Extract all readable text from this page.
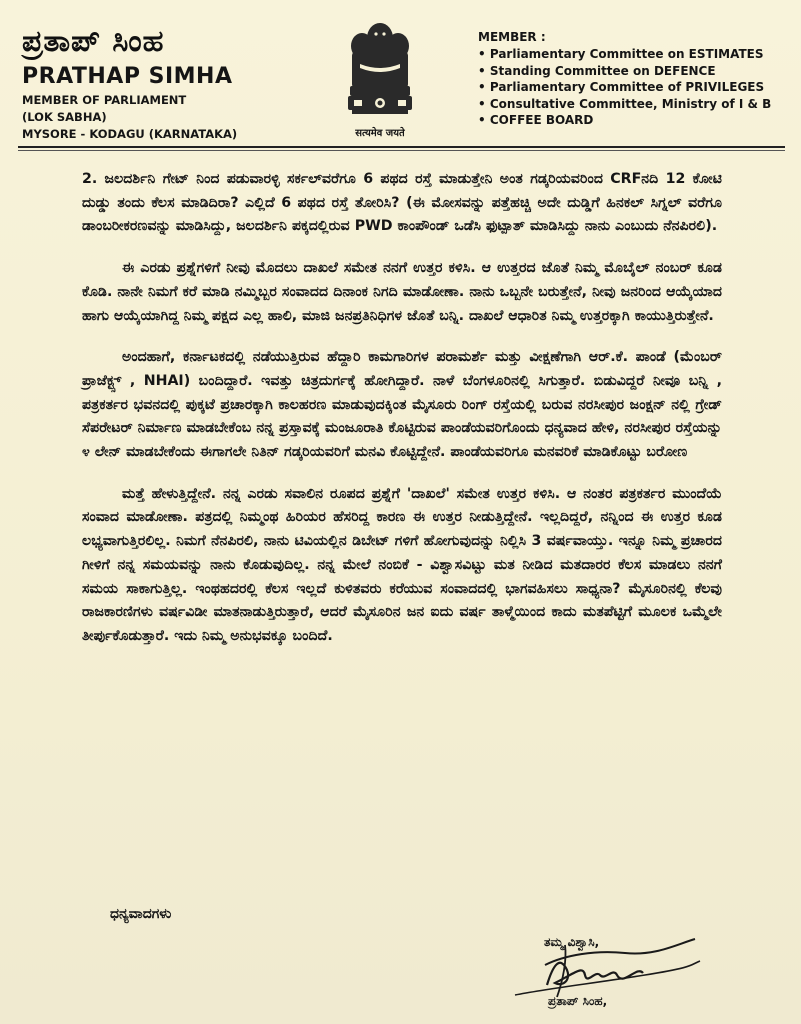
ಪ್ರತಾಪ್ ಸಿಂಹ
PRATHAP SIMHA
MEMBER OF PARLIAMENT
(LOK SABHA)
MYSORE - KODAGU (KARNATAKA)	सत्यमेव जयते
MEMBER :
• Parliamentary Committee on ESTIMATES
• Standing Committee on DEFENCE
• Parliamentary Committee of PRIVILEGES
• Consultative Committee, Ministry of I & B
• COFFEE BOARD

2. ಜಲದರ್ಶಿನಿ ಗೇಟ್ ನಿಂದ ಪಡುವಾರಳ್ಳಿ ಸರ್ಕಲ್‌ವರೆಗೂ 6 ಪಥದ ರಸ್ತೆ ಮಾಡುತ್ತೇನಿ ಅಂತ ಗಡ್ಕರಿಯವರಿಂದ CRFನದಿ 12 ಕೋಟಿ ದುಡ್ಡು ತಂದು ಕೆಲಸ ಮಾಡಿದಿರಾ? ಎಲ್ಲಿದೆ 6 ಪಥದ ರಸ್ತೆ ತೋರಿಸಿ? (ಈ ಮೋಸವನ್ನು ಪತ್ತೆಹಚ್ಚಿ ಅದೇ ದುಡ್ಡಿಗೆ ಹಿನಕಲ್ ಸಿಗ್ನಲ್ ವರೆಗೂ ಡಾಂಬರೀಕರಣವನ್ನು ಮಾಡಿಸಿದ್ದು, ಜಲದರ್ಶಿನಿ ಪಕ್ಕದಲ್ಲಿರುವ PWD ಕಾಂಪೌಂಡ್ ಒಡೆಸಿ ಫುಟ್ಪಾತ್ ಮಾಡಿಸಿದ್ದು ನಾನು ಎಂಬುದು ನೆನಪಿರಲಿ).

ಈ ಎರಡು ಪ್ರಶ್ನೆಗಳಿಗೆ ನೀವು ಮೊದಲು ದಾಖಲೆ ಸಮೇತ ನನಗೆ ಉತ್ತರ ಕಳಿಸಿ. ಆ ಉತ್ತರದ ಜೊತೆ ನಿಮ್ಮ ಮೊಬೈಲ್ ನಂಬರ್ ಕೂಡ ಕೊಡಿ. ನಾನೇ ನಿಮಗೆ ಕರೆ ಮಾಡಿ ನಮ್ಮಿಬ್ಬರ ಸಂವಾದದ ದಿನಾಂಕ ನಿಗದಿ ಮಾಡೋಣಾ. ನಾನು ಒಬ್ಬನೇ ಬರುತ್ತೇನೆ, ನೀವು ಜನರಿಂದ ಆಯ್ಕೆಯಾದ ಹಾಗು ಆಯ್ಕೆಯಾಗಿದ್ದ ನಿಮ್ಮ ಪಕ್ಷದ ಎಲ್ಲ ಹಾಲಿ, ಮಾಜಿ ಜನಪ್ರತಿನಿಧಿಗಳ ಜೊತೆ ಬನ್ನಿ. ದಾಖಲೆ ಆಧಾರಿತ ನಿಮ್ಮ ಉತ್ತರಕ್ಕಾಗಿ ಕಾಯುತ್ತಿರುತ್ತೇನೆ.

ಅಂದಹಾಗೆ, ಕರ್ನಾಟಕದಲ್ಲಿ ನಡೆಯುತ್ತಿರುವ ಹೆದ್ದಾರಿ ಕಾಮಗಾರಿಗಳ ಪರಾಮರ್ಶೆ ಮತ್ತು ವೀಕ್ಷಣೆಗಾಗಿ ಆರ್.ಕೆ. ಪಾಂಡೆ (ಮೆಂಬರ್ ಪ್ರಾಜೆಕ್ಟ್ಸ್ , NHAI) ಬಂದಿದ್ದಾರೆ. ಇವತ್ತು ಚಿತ್ರದುರ್ಗಕ್ಕೆ ಹೋಗಿದ್ದಾರೆ. ನಾಳೆ ಬೆಂಗಳೂರಿನಲ್ಲಿ ಸಿಗುತ್ತಾರೆ. ಬಿಡುವಿದ್ದರೆ ನೀವೂ ಬನ್ನಿ , ಪತ್ರಕರ್ತರ ಭವನದಲ್ಲಿ ಪುಕ್ಕಟೆ ಪ್ರಚಾರಕ್ಕಾಗಿ ಕಾಲಹರಣ ಮಾಡುವುದಕ್ಕಿಂತ ಮೈಸೂರು ರಿಂಗ್ ರಸ್ತೆಯಲ್ಲಿ ಬರುವ ನರಸೀಪುರ ಜಂಕ್ಷನ್ ನಲ್ಲಿ ಗ್ರೇಡ್ ಸೆಪರೇಟರ್ ನಿರ್ಮಾಣ ಮಾಡಬೇಕೆಂಬ ನನ್ನ ಪ್ರಸ್ತಾವಕ್ಕೆ ಮಂಜೂರಾತಿ ಕೊಟ್ಟಿರುವ ಪಾಂಡೆಯವರಿಗೊಂದು ಧನ್ಯವಾದ ಹೇಳಿ, ನರಸೀಪುರ ರಸ್ತೆಯನ್ನು ೪ ಲೇನ್ ಮಾಡಬೇಕೆಂದು ಈಗಾಗಲೇ ನಿತಿನ್ ಗಡ್ಕರಿಯವರಿಗೆ ಮನವಿ ಕೊಟ್ಟಿದ್ದೇನೆ. ಪಾಂಡೆಯವರಿಗೂ ಮನವರಿಕೆ ಮಾಡಿಕೊಟ್ಟು ಬರೋಣ

ಮತ್ತೆ ಹೇಳುತ್ತಿದ್ದೇನೆ. ನನ್ನ ಎರಡು ಸವಾಲಿನ ರೂಪದ ಪ್ರಶ್ನೆಗೆ 'ದಾಖಲೆ' ಸಮೇತ ಉತ್ತರ ಕಳಿಸಿ. ಆ ನಂತರ ಪತ್ರಕರ್ತರ ಮುಂದೆಯೆ ಸಂವಾದ ಮಾಡೋಣಾ. ಪತ್ರದಲ್ಲಿ ನಿಮ್ಮಂಥ ಹಿರಿಯರ ಹೆಸರಿದ್ದ ಕಾರಣ ಈ ಉತ್ತರ ನೀಡುತ್ತಿದ್ದೇನೆ. ಇಲ್ಲದಿದ್ದರೆ, ನನ್ನಿಂದ ಈ ಉತ್ತರ ಕೂಡ ಲಭ್ಯವಾಗುತ್ತಿರಲಿಲ್ಲ. ನಿಮಗೆ ನೆನಪಿರಲಿ, ನಾನು ಟಿವಿಯಲ್ಲಿನ ಡಿಬೇಟ್ ಗಳಿಗೆ ಹೋಗುವುದನ್ನು ನಿಲ್ಲಿಸಿ 3 ವರ್ಷವಾಯ್ತು. ಇನ್ನೂ ನಿಮ್ಮ ಪ್ರಚಾರದ ಗೀಳಿಗೆ ನನ್ನ ಸಮಯವನ್ನು ನಾನು ಕೊಡುವುದಿಲ್ಲ. ನನ್ನ ಮೇಲೆ ನಂಬಿಕೆ - ವಿಶ್ವಾಸವಿಟ್ಟು ಮತ ನೀಡಿದ ಮತದಾರರ ಕೆಲಸ ಮಾಡಲು ನನಗೆ ಸಮಯ ಸಾಕಾಗುತ್ತಿಲ್ಲ. ಇಂಥಹದರಲ್ಲಿ ಕೆಲಸ ಇಲ್ಲದೆ ಕುಳಿತವರು ಕರೆಯುವ ಸಂವಾದದಲ್ಲಿ ಭಾಗವಹಿಸಲು ಸಾಧ್ಯನಾ? ಮೈಸೂರಿನಲ್ಲಿ ಕೆಲವು ರಾಜಕಾರಣಿಗಳು ವರ್ಷವಿಡೀ ಮಾತನಾಡುತ್ತಿರುತ್ತಾರೆ, ಆದರೆ ಮೈಸೂರಿನ ಜನ ಐದು ವರ್ಷ ತಾಳ್ಮೆಯಿಂದ ಕಾದು ಮತಪೆಟ್ಟಿಗೆ ಮೂಲಕ ಒಮ್ಮೆಲೇ ತೀರ್ಪುಕೊಡುತ್ತಾರೆ. ಇದು ನಿಮ್ಮ ಅನುಭವಕ್ಕೂ ಬಂದಿದೆ.

ಧನ್ಯವಾದಗಳು
ತಮ್ಮ ವಿಶ್ವಾಸಿ,
ಪ್ರತಾಪ್ ಸಿಂಹ,
